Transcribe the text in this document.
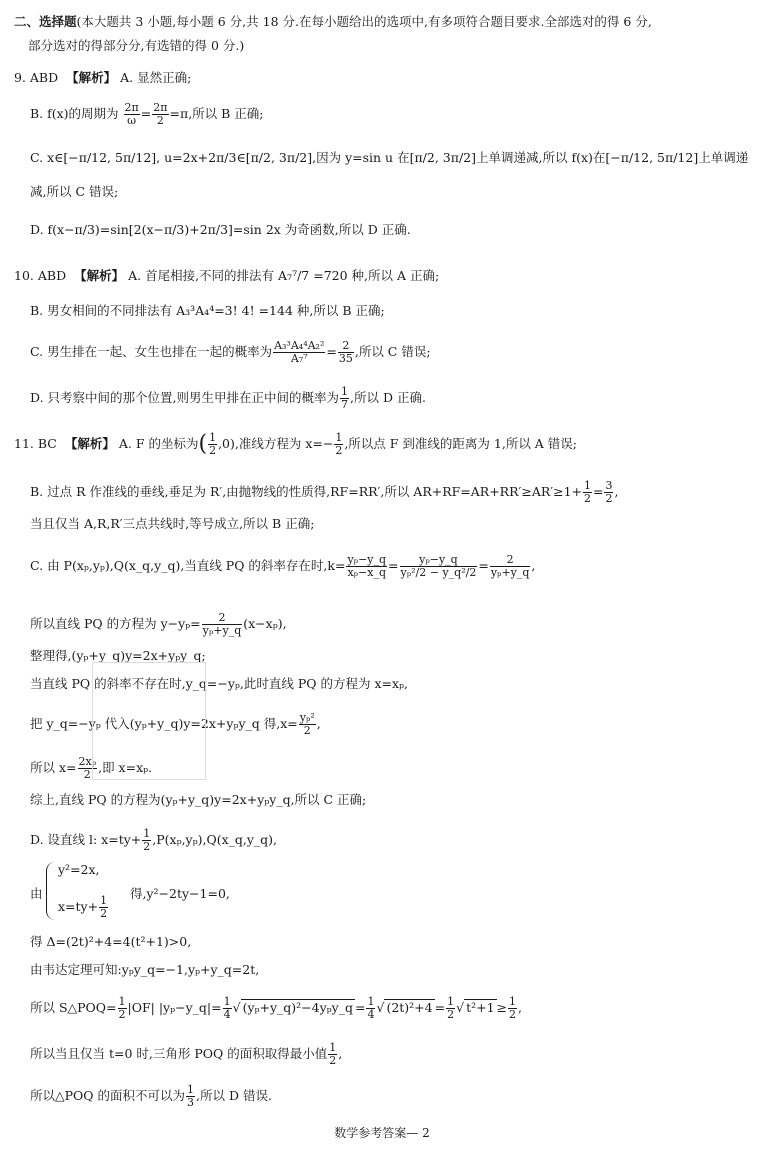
二、选择题(本大题共 3 小题,每小题 6 分,共 18 分.在每小题给出的选项中,有多项符合题目要求.全部选对的得 6 分,
部分选对的得部分分,有选错的得 0 分.)
9. ABD 【解析】 A. 显然正确;
B. f(x)的周期为 $\frac{2\pi}{\omega} = \frac{2\pi}{2} =\pi$,所以 B 正确;
C. x∈[−π/12, 5π/12], u=2x+2π/3∈[π/2, 3π/2],因为 y=sin u 在[π/2, 3π/2]上单调递减,所以 f(x)在[−π/12, 5π/12]上单调递
减,所以 C 错误;
D. f(x−π/3)=sin[2(x−π/3)+2π/3]=sin 2x 为奇函数,所以 D 正确.
10. ABD 【解析】 A. 首尾相接,不同的排法有 A₇⁷/7 =720 种,所以 A 正确;
B. 男女相间的不同排法有 A₃³A₄⁴=3! 4! =144 种,所以 B 正确;
C. 男生排在一起、女生也排在一起的概率为 $\frac{\text{A₃³A₄⁴A₂²}}{\text{A₇⁷}} = \frac{2}{35}$ ,所以 C 错误;
D. 只考察中间的那个位置,则男生甲排在正中间的概率为 $\frac{1}{7}$ ,所以 D 正确.
11. BC 【解析】 A. F 的坐标为( $\frac{1}{2} ,0$),准线方程为 $x=- \frac{1}{2}$ ,所以点 F 到准线的距离为 1,所以 A 错误;
B. 过点 R 作准线的垂线,垂足为 R′,由抛物线的性质得,RF=RR′,所以 $AR+RF=AR+RR'\ge AR'\ge 1+ \frac{1}{2} = \frac{3}{2}$ ,
当且仅当 A,R,R′三点共线时,等号成立,所以 B 正确;
C. 由 P(xₚ,yₚ),Q(x_q,y_q),当直线 PQ 的斜率存在时$,k= \frac{\text{yₚ−y\_q}}{\text{xₚ−x\_q}} = \frac{\text{yₚ−y\_q}}{\text{yₚ²/2 − y\_q²/2}} = \frac{2}{\text{yₚ+y\_q}}$ ,
所以直线 PQ 的方程为 $y-y_p= \frac{2}{\text{yₚ+y\_q}} (x-x_p)$,
整理得,(yₚ+y_q)y=2x+yₚy_q;
当直线 PQ 的斜率不存在时,y_q=−yₚ,此时直线 PQ 的方程为 x=xₚ,
把 y_q=−yₚ 代入(yₚ+y_q)y=2x+yₚy_q 得$,x= \frac{\text{yₚ²}}{2}$ ,
所以 $x= \frac{\text{2xₚ}}{2}$ ,即 x=xₚ.
综上,直线 PQ 的方程为(yₚ+y_q)y=2x+yₚy_q,所以 C 正确;
D. 设直线 l: $x=ty+ \frac{1}{2}$ ,P(xₚ,yₚ),Q(x_q,y_q),
由
y²=2x,
$x=ty+ \frac{1}{2}$
得,y²−2ty−1=0,
得 Δ=(2t)²+4=4(t²+1)>0,
由韦达定理可知:yₚy_q=−1,yₚ+y_q=2t,
所以 S△POQ= $\frac{1}{2} |OF|$ |yₚ−y_q|= $\frac{1}{4}$ √ (yₚ+y_q)²−4yₚy_q = $\frac{1}{4}$ √ $(2t)^2+4 = \frac{1}{2}$ √ $t^2+1 \ge \frac{1}{2}$ ,
所以当且仅当 t=0 时,三角形 POQ 的面积取得最小值 $\frac{1}{2}$ ,
所以△POQ 的面积不可以为 $\frac{1}{3}$ ,所以 D 错误.
数学参考答案— 2
